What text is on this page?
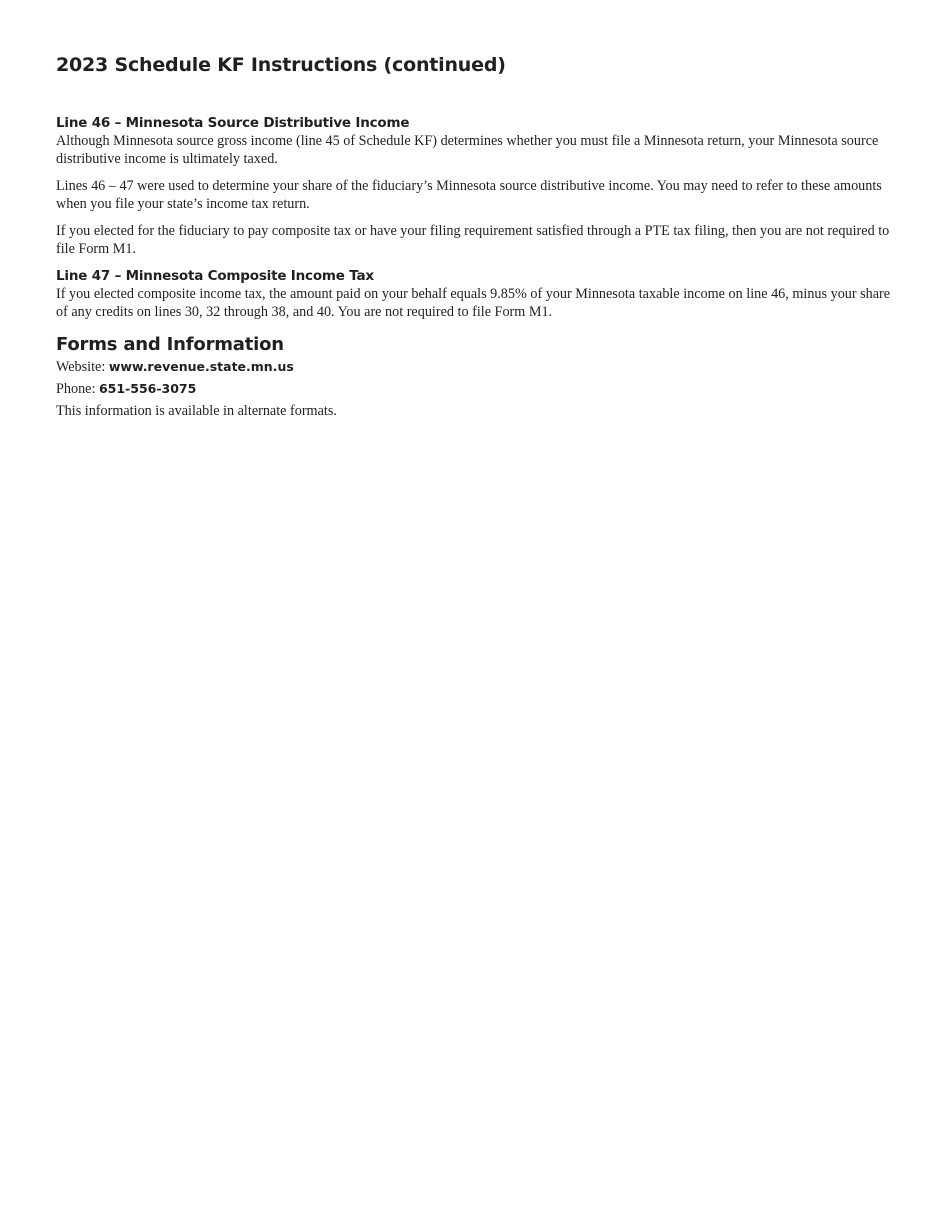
2023 Schedule KF Instructions (continued)
Line 46 – Minnesota Source Distributive Income

Although Minnesota source gross income (line 45 of Schedule KF) determines whether you must file a Minnesota return, your Minnesota source distributive income is ultimately taxed.

Lines 46 – 47 were used to determine your share of the fiduciary’s Minnesota source distributive income. You may need to refer to these amounts when you file your state’s income tax return.

If you elected for the fiduciary to pay composite tax or have your filing requirement satisfied through a PTE tax filing, then you are not required to file Form M1.

Line 47 – Minnesota Composite Income Tax

If you elected composite income tax, the amount paid on your behalf equals 9.85% of your Minnesota taxable income on line 46, minus your share of any credits on lines 30, 32 through 38, and 40. You are not required to file Form M1.

Forms and Information

Website: www.revenue.state.mn.us

Phone: 651-556-3075

This information is available in alternate formats.
